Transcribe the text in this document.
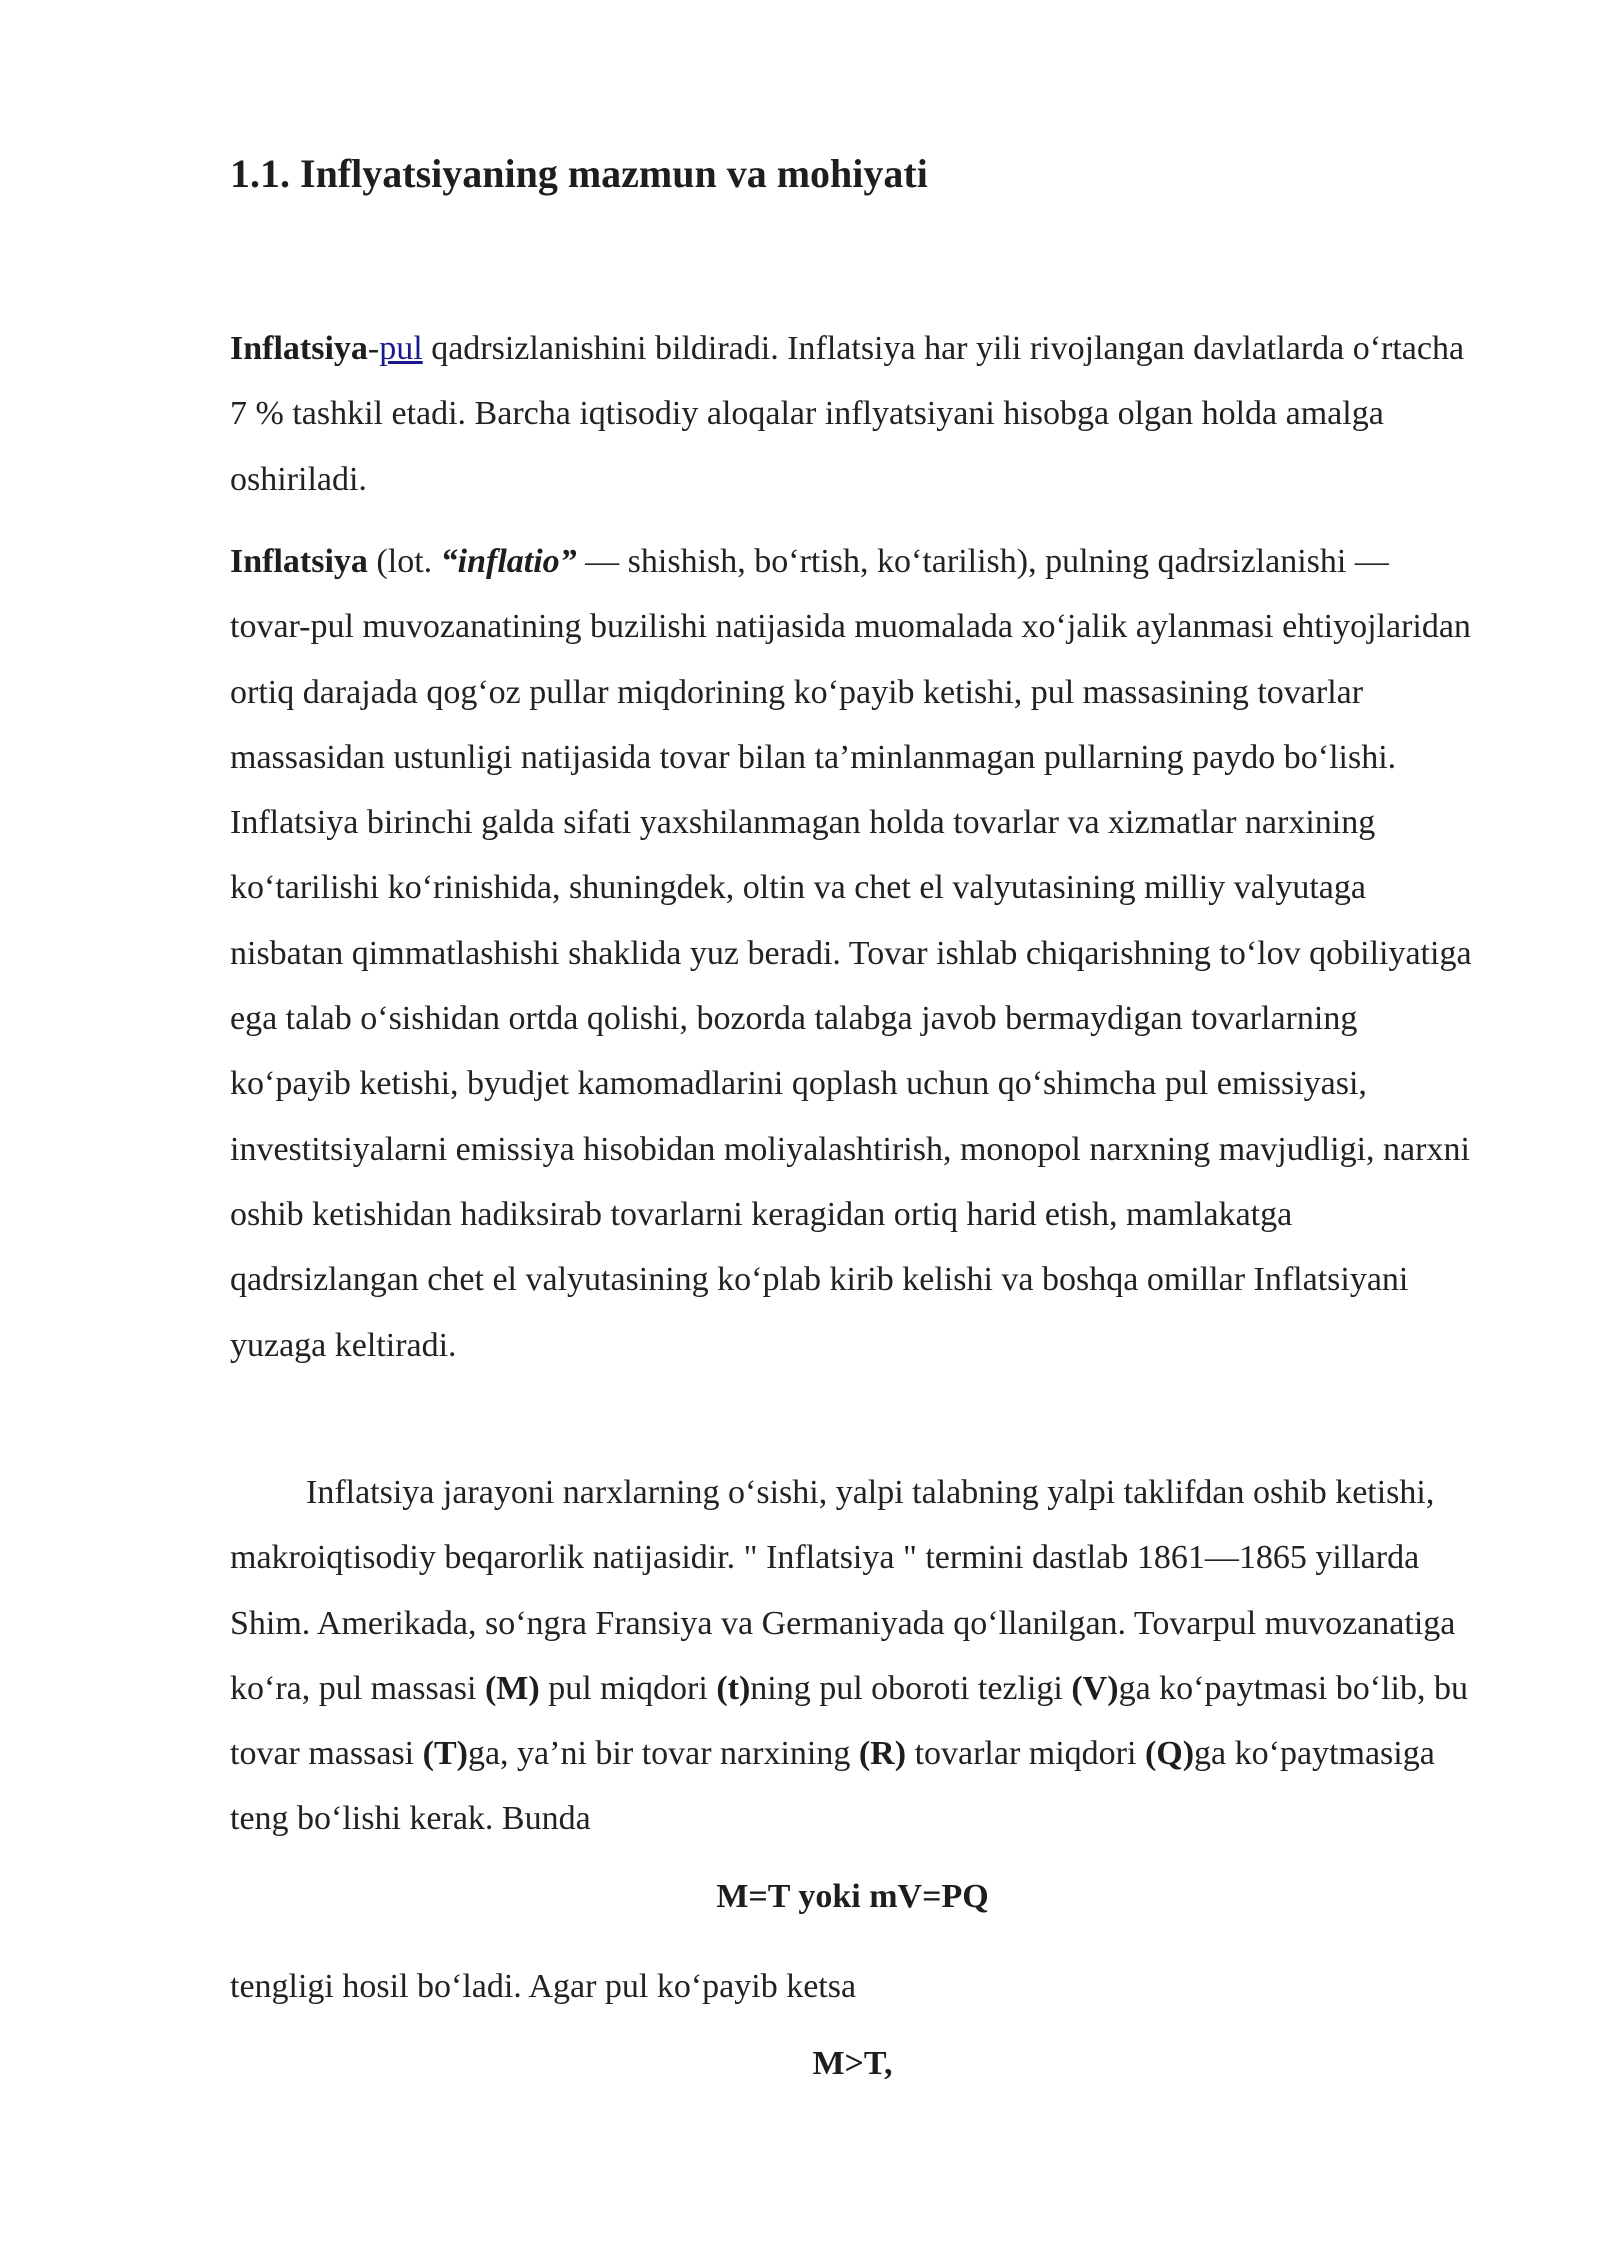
1.1. Inflyatsiyaning mazmun va mohiyati

Inflatsiya-pul qadrsizlanishini bildiradi. Inflatsiya har yili rivojlangan davlatlarda o‘rtacha 7 % tashkil etadi. Barcha iqtisodiy aloqalar inflyatsiyani hisobga olgan holda amalga oshiriladi.

Inflatsiya (lot. “inflatio” — shishish, bo‘rtish, ko‘tarilish), pulning qadrsizlanishi — tovar-pul muvozanatining buzilishi natijasida muomalada xo‘jalik aylanmasi ehtiyojlaridan ortiq darajada qog‘oz pullar miqdorining ko‘payib ketishi, pul massasining tovarlar massasidan ustunligi natijasida tovar bilan ta’minlanmagan pullarning paydo bo‘lishi. Inflatsiya birinchi galda sifati yaxshilanmagan holda tovarlar va xizmatlar narxining ko‘tarilishi ko‘rinishida, shuningdek, oltin va chet el valyutasining milliy valyutaga nisbatan qimmatlashishi shaklida yuz beradi. Tovar ishlab chiqarishning to‘lov qobiliyatiga ega talab o‘sishidan ortda qolishi, bozorda talabga javob bermaydigan tovarlarning ko‘payib ketishi, byudjet kamomadlarini qoplash uchun qo‘shimcha pul emissiyasi, investitsiyalarni emissiya hisobidan moliyalashtirish, monopol narxning mavjudligi, narxni oshib ketishidan hadiksirab tovarlarni keragidan ortiq harid etish, mamlakatga qadrsizlangan chet el valyutasining ko‘plab kirib kelishi va boshqa omillar Inflatsiyani yuzaga keltiradi.

Inflatsiya jarayoni narxlarning o‘sishi, yalpi talabning yalpi taklifdan oshib ketishi, makroiqtisodiy beqarorlik natijasidir. " Inflatsiya " termini dastlab 1861—1865 yillarda Shim. Amerikada, so‘ngra Fransiya va Germaniyada qo‘llanilgan. Tovarpul muvozanatiga ko‘ra, pul massasi (M) pul miqdori (t)ning pul oboroti tezligi (V)ga ko‘paytmasi bo‘lib, bu tovar massasi (T)ga, ya’ni bir tovar narxining (R) tovarlar miqdori (Q)ga ko‘paytmasiga teng bo‘lishi kerak. Bunda

M=T yoki mV=PQ

tengligi hosil bo‘ladi. Agar pul ko‘payib ketsa

M>T,
